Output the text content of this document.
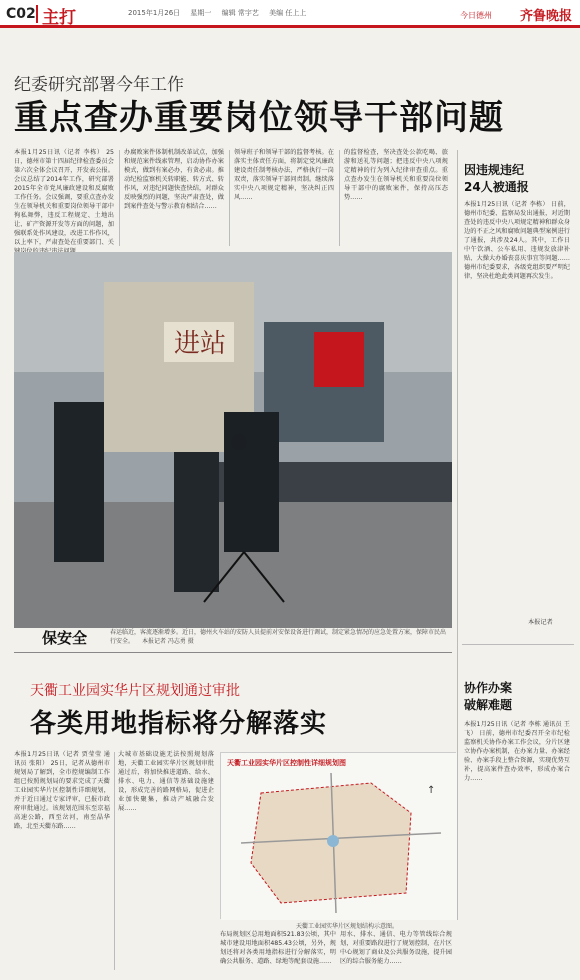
C02 主打	2015年1月26日 星期一 编辑 常宇艺 美编 任上上	今日德州 齐鲁晚报
纪委研究部署今年工作
重点查办重要岗位领导干部问题
本报1月25日讯（记者 李栋） 25日，德州市第十四届纪律检查委员会第六次全体会议召开，开发表公报。会议总结了2014年工作，研究部署2015年全市党风廉政建设和反腐败工作任务。会议强调，要重点查办发生在领导机关和重要岗位领导干部中徇私舞弊，违反工程规定、土地出让、矿产资源开发等方面的问题，加强联系处作风建设，改进工作作风，以上率下，严肃查处在重要部门、关
办腐败案件体制机制改革试点，加强和规范案件线索管理，启动协作办案模式，做到有案必办，有贪必肃。推动纪检监察机关转职能、转方式、转作风，对违纪问题快查快结，对群众反映强烈的问题，坚决严肃查处，做到案件查处与警示教育相结合……
领导班子和领导干部的监督考核。在落实主体责任方面，将制定党风廉政建设责任制考核办法，严格执行一岗双责，落实领导干部问责制。继续落实中央八项规定精神，坚决纠正四风……
的监督检查，坚决查处公款吃喝、旅游和送礼等问题；把违反中央八项规定精神的行为列入纪律审查重点。重点查办发生在领导机关和重要岗位领导干部中的腐败案件，保持高压态势……
因违规违纪
24人被通报
本报1月25日讯（记者 李栋） 日前，德州市纪委、监察局发出通报，对近期查处的违反中央八项规定精神和群众身边的不正之风和腐败问题典型案例进行了通报，共涉及24人。其中，工作日中午饮酒、公车私用、违规发放津补贴、大操大办婚丧喜庆事宜等问题……德州市纪委要求，各级党组织要严明纪律，坚决杜绝此类问题再次发生。
本报记者
协作办案
破解难题
本报1月25日讯（记者 李栋 通讯员 王飞） 日前，德州市纪委召开全市纪检监察机关协作办案工作会议，分片区建立协作办案机制，在办案力量、办案经验、办案手段上整合资源，实现优势互补，提高案件查办效率，形成办案合力……
进站
保安全	春运临近，客流逐渐增多。近日，德州火车站的安防人员提前对安保设备进行调试，制定紧急情况的应急处置方案，保障市民出行安全。 本报记者 冯志勇 摄
天衢工业园实华片区规划通过审批
各类用地指标将分解落实
本报1月25日讯（记者 贾莹莹 通讯员 张阳） 25日，记者从德州市规划局了解到，全市控规编制工作组已按照规划局的要求完成了天衢工业园实华片区控制性详细规划，并于近日通过专家评审，已报市政府审批通过。该规划范围东至京福高速公路，西至岔河，南至晶华路，北至天衢东路……
大城市基础设施无法按照规划落地，天衢工业园实华片区规划审批通过后，将加快推进道路、给水、排水、电力、通信等基础设施建设，形成完善的路网格局，促进企业加快聚集，推动产城融合发展……
布局规划区总用地面积521.83公顷，其中城市建设用地面积485.43公顷，另外，规划还将对各类用地指标进行分解落实，明确公共服务、道路、绿地等配套设施……
用水、排水、通信、电力等管线综合规划，对重要路段进行了规划控制，在片区中心规划了商业及公共服务设施，提升园区的综合服务能力……
↑
天衢工业园实华片区控制性详细规划图
天衢工业园实华片区规划结构示意图。
